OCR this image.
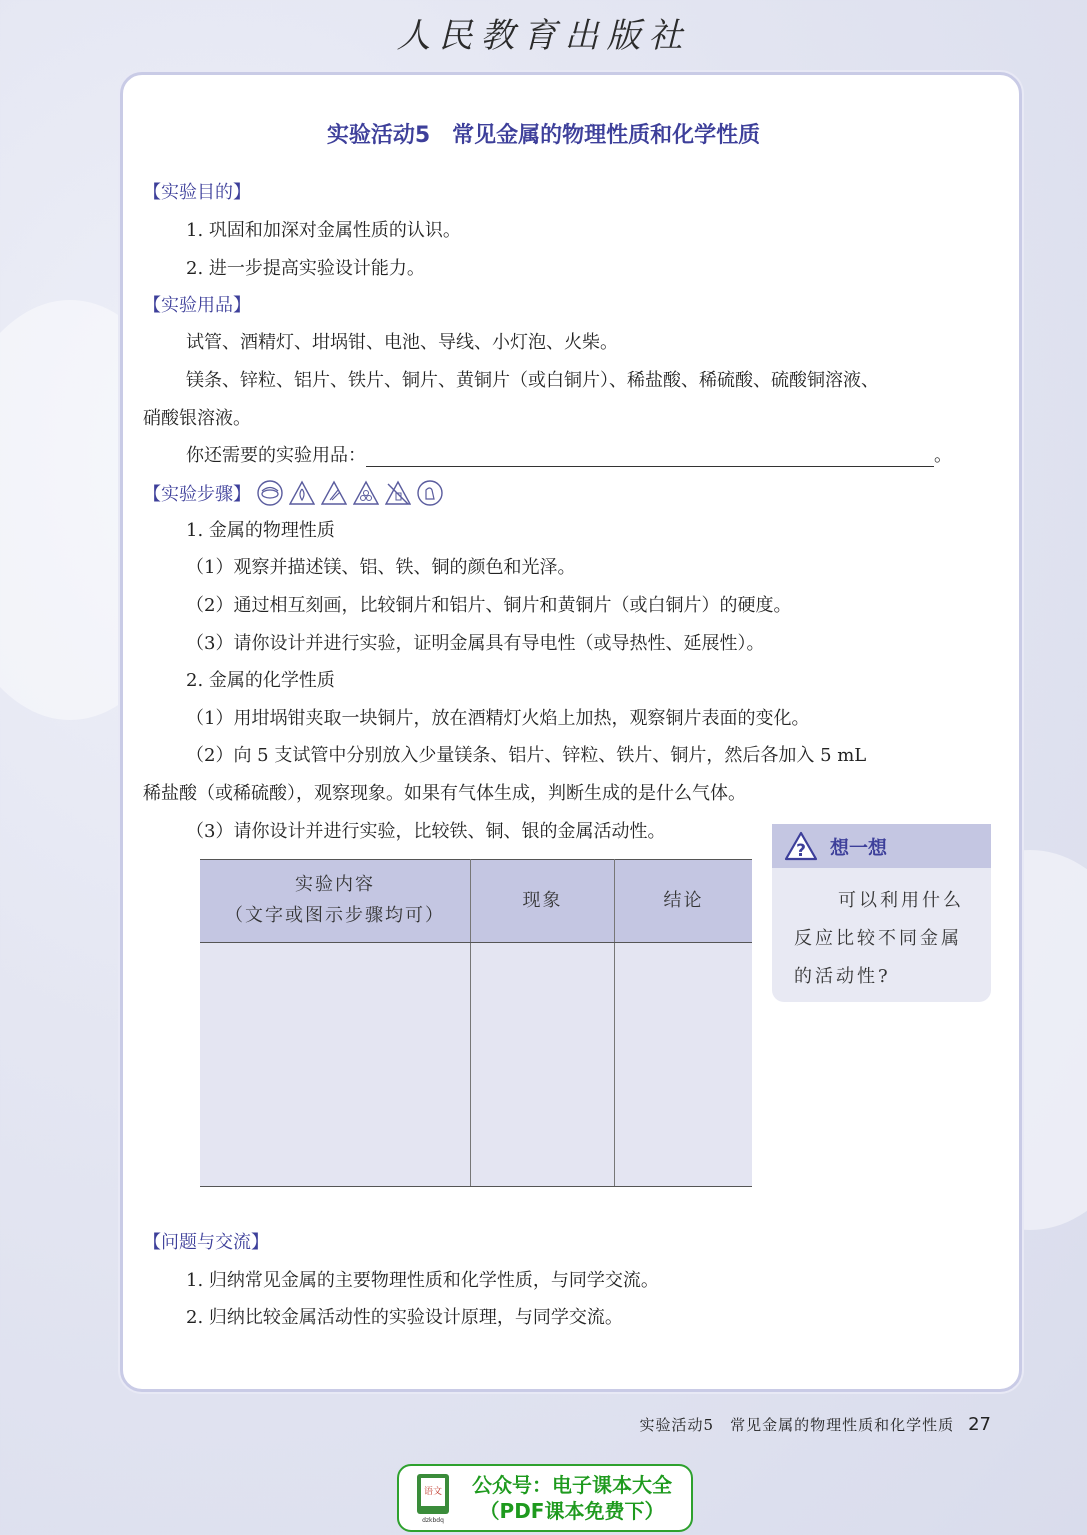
人民教育出版社
实验活动5　常见金属的物理性质和化学性质
【实验目的】
1. 巩固和加深对金属性质的认识。
2. 进一步提高实验设计能力。
【实验用品】
试管、酒精灯、坩埚钳、电池、导线、小灯泡、火柴。
镁条、锌粒、铝片、铁片、铜片、黄铜片（或白铜片）、稀盐酸、稀硫酸、硫酸铜溶液、
硝酸银溶液。
你还需要的实验用品：	。
【实验步骤】
1. 金属的物理性质
（1）观察并描述镁、铝、铁、铜的颜色和光泽。
（2）通过相互刻画，比较铜片和铝片、铜片和黄铜片（或白铜片）的硬度。
（3）请你设计并进行实验，证明金属具有导电性（或导热性、延展性）。
2. 金属的化学性质
（1）用坩埚钳夹取一块铜片，放在酒精灯火焰上加热，观察铜片表面的变化。
（2）向 5 支试管中分别放入少量镁条、铝片、锌粒、铁片、铜片，然后各加入 5 mL
稀盐酸（或稀硫酸），观察现象。如果有气体生成，判断生成的是什么气体。
（3）请你设计并进行实验，比较铁、铜、银的金属活动性。
实验内容
（文字或图示步骤均可）	现象	结论

? 想一想
可以利用什么反应比较不同金属的活动性?
【问题与交流】
1. 归纳常见金属的主要物理性质和化学性质，与同学交流。
2. 归纳比较金属活动性的实验设计原理，与同学交流。
实验活动5　常见金属的物理性质和化学性质 27
语文
dzkbdq
公众号：电子课本大全
（PDF课本免费下）
